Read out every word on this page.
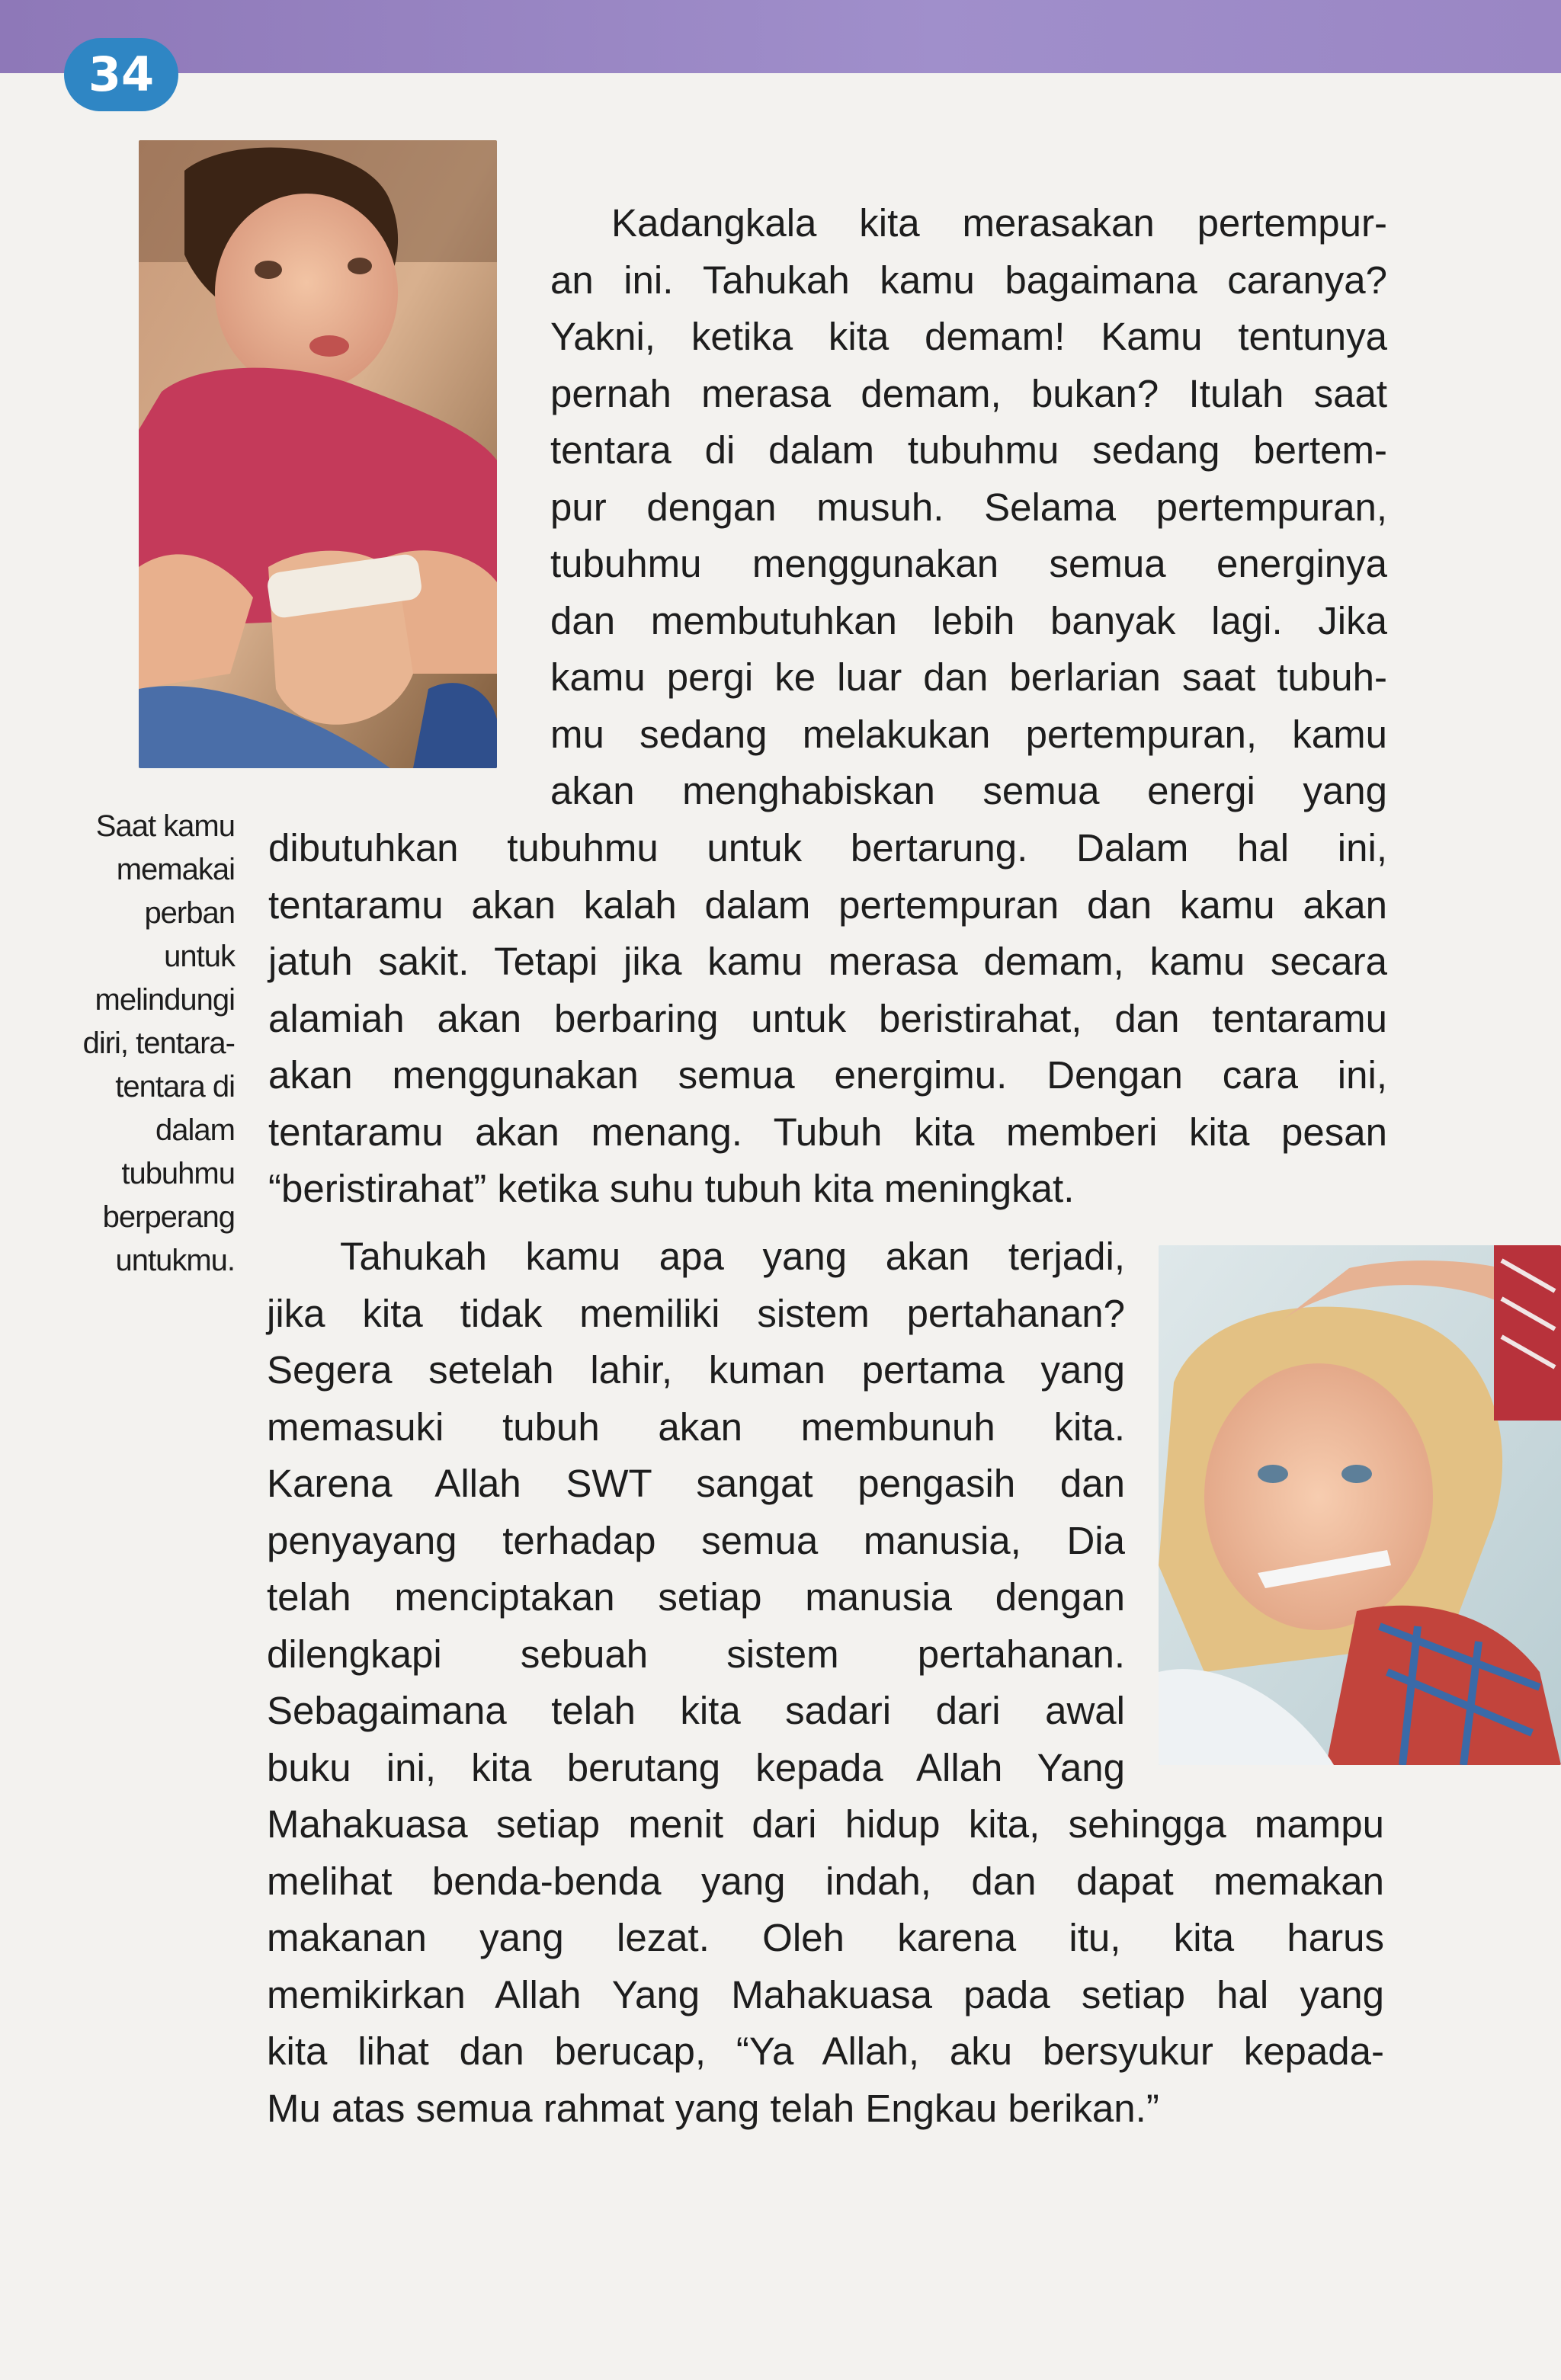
34
Saat kamu
memakai
perban
untuk
melindungi
diri, tentara-
tentara di
dalam
tubuhmu
berperang
untukmu.
Kadangkala kita merasakan pertempur-
an ini. Tahukah kamu bagaimana caranya?
Yakni, ketika kita demam! Kamu tentunya
pernah merasa demam, bukan? Itulah saat
tentara di dalam tubuhmu sedang bertem-
pur dengan musuh. Selama pertempuran,
tubuhmu menggunakan semua energinya
dan membutuhkan lebih banyak lagi. Jika
kamu pergi ke luar dan berlarian saat tubuh-
mu sedang melakukan pertempuran, kamu
akan menghabiskan semua energi yang
dibutuhkan tubuhmu untuk bertarung. Dalam hal ini,
tentaramu akan kalah dalam pertempuran dan kamu akan
jatuh sakit. Tetapi jika kamu merasa demam, kamu secara
alamiah akan berbaring untuk beristirahat, dan tentaramu
akan menggunakan semua energimu. Dengan cara ini,
tentaramu akan menang. Tubuh kita memberi kita pesan
“beristirahat” ketika suhu tubuh kita meningkat.
Tahukah kamu apa yang akan terjadi,
jika kita tidak memiliki sistem pertahanan?
Segera setelah lahir, kuman pertama yang
memasuki tubuh akan membunuh kita.
Karena Allah SWT sangat pengasih dan
penyayang terhadap semua manusia, Dia
telah menciptakan setiap manusia dengan
dilengkapi sebuah sistem pertahanan.
Sebagaimana telah kita sadari dari awal
buku ini, kita berutang kepada Allah Yang
Mahakuasa setiap menit dari hidup kita, sehingga mampu
melihat benda-benda yang indah, dan dapat memakan
makanan yang lezat. Oleh karena itu, kita harus
memikirkan Allah Yang Mahakuasa pada setiap hal yang
kita lihat dan berucap, “Ya Allah, aku bersyukur kepada-
Mu atas semua rahmat yang telah Engkau berikan.”
